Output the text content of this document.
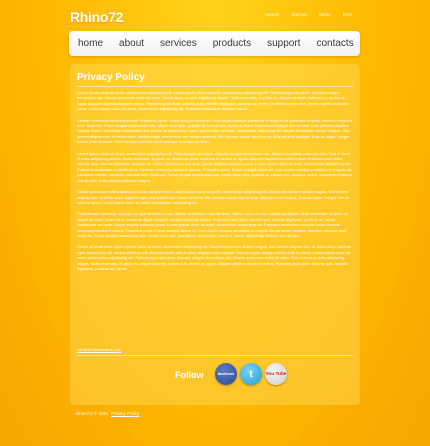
Rhino72	search	sitemap	twitter	RSS
home	about	services	products	support	contacts
Privacy Policy

Lorem ipsum dolor sit amet, consectetur adipisicing elit. Lorem ipsum dolor sit amet, consectetur adipisicing elit. Pellentesque sed dolor. Aliquam congue fermentum nisl. Mauris accumsan nulla vel diam. Sed in lacus ut enim adipiscing aliquet. Nulla venenatis. In pede mi, aliquet sit amet, euismod in, auctor ut, ligula. Aliquam dapibus tincidunt metus. Praesent justo dolor, lobortis quis, lobortis dignissim, pulvinar ac, lorem. Vestibulum sed ante. Donec sagittis euismod purus. Lorem ipsum dolor sit amet, consectetur adipisicing elit. Praesent vestibulum molestie lacus.

Aenean nonummy hendrerit mauris. Phasellus porta. Fusce suscipit varius mi. Cum sociis natoque penatibus et magnis dis parturient montes, nascetur ridiculus mus. Nulla dui. Fusce feugiat malesuada odio. Morbi nunc odio, gravida at, cursus nec, luctus a, lorem. Maecenas tristique orci ac sem. Duis ultricies pharetra magna. Donec accumsan malesuada orci. Donec sit amet eros. Lorem ipsum dolor sit amet, consectetur adipiscing elit. Mauris fermentum dictum magna. Sed laoreet aliquam leo. Ut tellus dolor, dapibus eget, elementum vel, cursus eleifend, elit. Aenean auctor wisi et urna. Aliquam erat volutpat. Duis ac turpis. Integer rutrum ante eu lacus. Pellentesque habitant morbi tristique senectus et netus.

Lorem ipsum dolor sit amet, consectetur adipisicing elit. Pellentesque sed dolor. Aliquam congue fermentum nisl. Mauris accumsan nulla vel diam. Sed in lacus ut enim adipiscing aliquet. Nulla venenatis. In pede mi, aliquet sit amet, euismod in, auctor ut, ligula. Aliquam dapibus tincidunt metus. Praesent justo dolor, lobortis quis, lobortis dignissim, pulvinar ac, lorem. Vestibulum sed ante. Donec sagittis euismod purus. Lorem ipsum dolor sit amet, consectetur adipisicing elit. Praesent vestibulum molestie lacus. Aenean nonummy hendrerit mauris. Phasellus porta. Fusce suscipit varius mi. Cum sociis natoque penatibus et magnis dis parturient montes, nascetur ridiculus mus. Nulla dui. Fusce feugiat malesuada odio. Morbi nunc odio, gravida at, cursus nec, luctus a, lorem. Maecenas tristique orci ac sem. Duis ultricies pharetra magna.

Donec accumsan malesuada orci. Donec sit amet eros. Lorem ipsum dolor sit amet, consectetur adipiscing elit. Mauris fermentum dictum magna. Sed laoreet aliquam leo. Ut tellus dolor, dapibus eget, elementum vel, cursus eleifend, elit. Aenean auctor wisi et urna. Aliquam erat volutpat. Duis ac turpis. Integer rutrum ante eu lacus. Lorem ipsum dolor sit amet, consectetur adipisicing elit.

Pellentesque sed dolor. Aliquam congue fermentum nisl. Mauris accumsan nulla vel diam. Sed in lacus ut enim adipiscing aliquet. Nulla venenatis. In pede mi, aliquet sit amet, euismod in, auctor ut, ligula. Aliquam dapibus tincidunt metus. Praesent justo dolor, lobortis quis, lobortis dignissim, pulvinar ac, lorem. Vestibulum sed ante. Donec sagittis euismod purus. Lorem ipsum dolor sit amet, consectetur adipisicing elit. Praesent vestibulum molestie lacus. Aenean nonummy hendrerit mauris. Phasellus porta. Fusce suscipit varius mi. Cum sociis natoque penatibus et magnis dis parturient montes, nascetur ridiculus mus. Nulla dui. Fusce feugiat malesuada odio. Morbi nunc odio, gravida at, cursus nec, luctus a, lorem. Maecenas tristique orci ac sem.

Donec sit amet eros. Lorem ipsum dolor sit amet, consectetur adipiscing elit. Mauris fermentum dictum magna. Sed laoreet aliquam leo. Ut tellus dolor, dapibus eget, elementum vel, cursus eleifend, elit. Aenean auctor wisi et urna. Aliquam erat volutpat. Duis ac turpis. Integer rutrum ante eu lacus. Lorem ipsum dolor sit amet, consectetur adipisicing elit. Pellentesque sed dolor. Aliquam congue fermentum nisl. Mauris accumsan nulla vel diam. Sed in lacus ut enim adipiscing aliquet. Nulla venenatis. In pede mi, aliquet sit amet, euismod in, auctor ut, ligula. Aliquam dapibus tincidunt metus. Praesent justo dolor, lobortis quis, lobortis dignissim, pulvinar ac, lorem.

info@companyname.com
Follow	facebook	t	You Tube
Rhino72 © 2011 Privacy Policy
